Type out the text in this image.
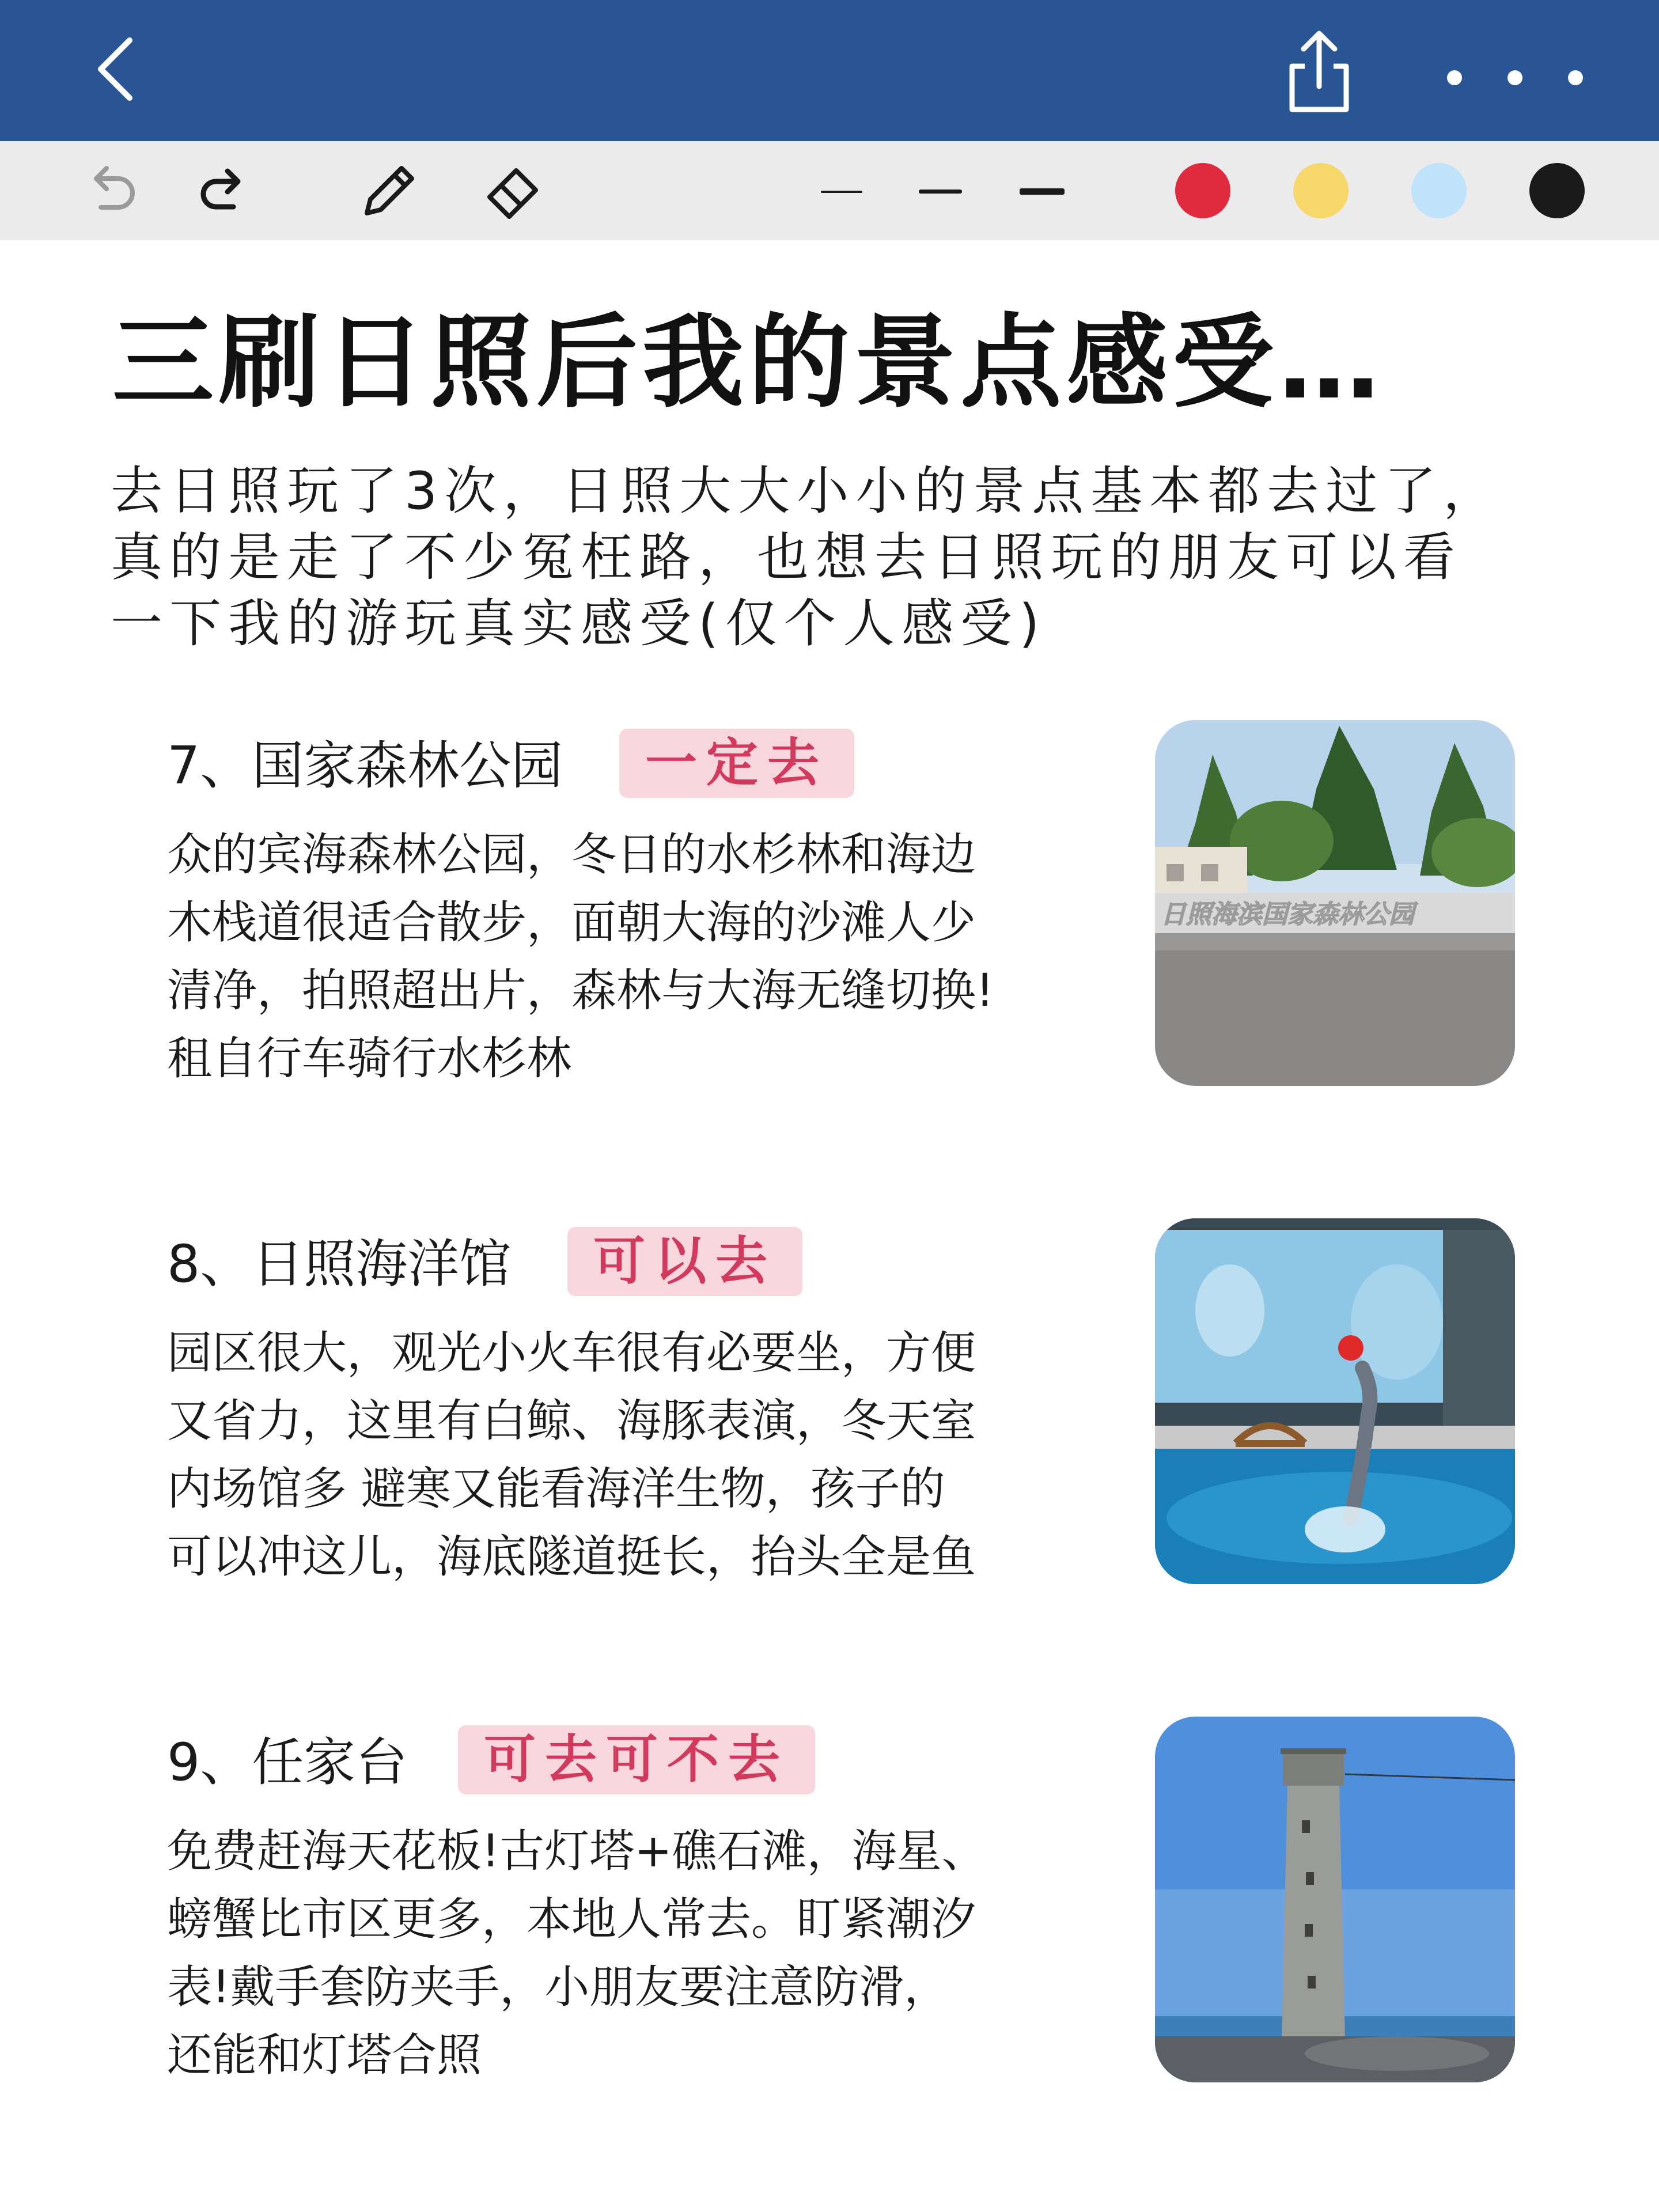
三刷日照后我的景点感受…
去日照玩了3次，日照大大小小的景点基本都去过了，
真的是走了不少冤枉路，也想去日照玩的朋友可以看
一下我的游玩真实感受(仅个人感受)
7、国家森林公园	一定去
众的宾海森林公园，冬日的水杉林和海边
木栈道很适合散步，面朝大海的沙滩人少
清净，拍照超出片，森林与大海无缝切换!
租自行车骑行水杉林
日照海滨国家森林公园
8、日照海洋馆	可以去
园区很大，观光小火车很有必要坐，方便
又省力，这里有白鲸、海豚表演，冬天室
内场馆多 避寒又能看海洋生物，孩子的
可以冲这儿，海底隧道挺长，抬头全是鱼
9、任家台	可去可不去
免费赶海天花板!古灯塔+礁石滩，海星、
螃蟹比市区更多，本地人常去。盯紧潮汐
表!戴手套防夹手，小朋友要注意防滑，
还能和灯塔合照
